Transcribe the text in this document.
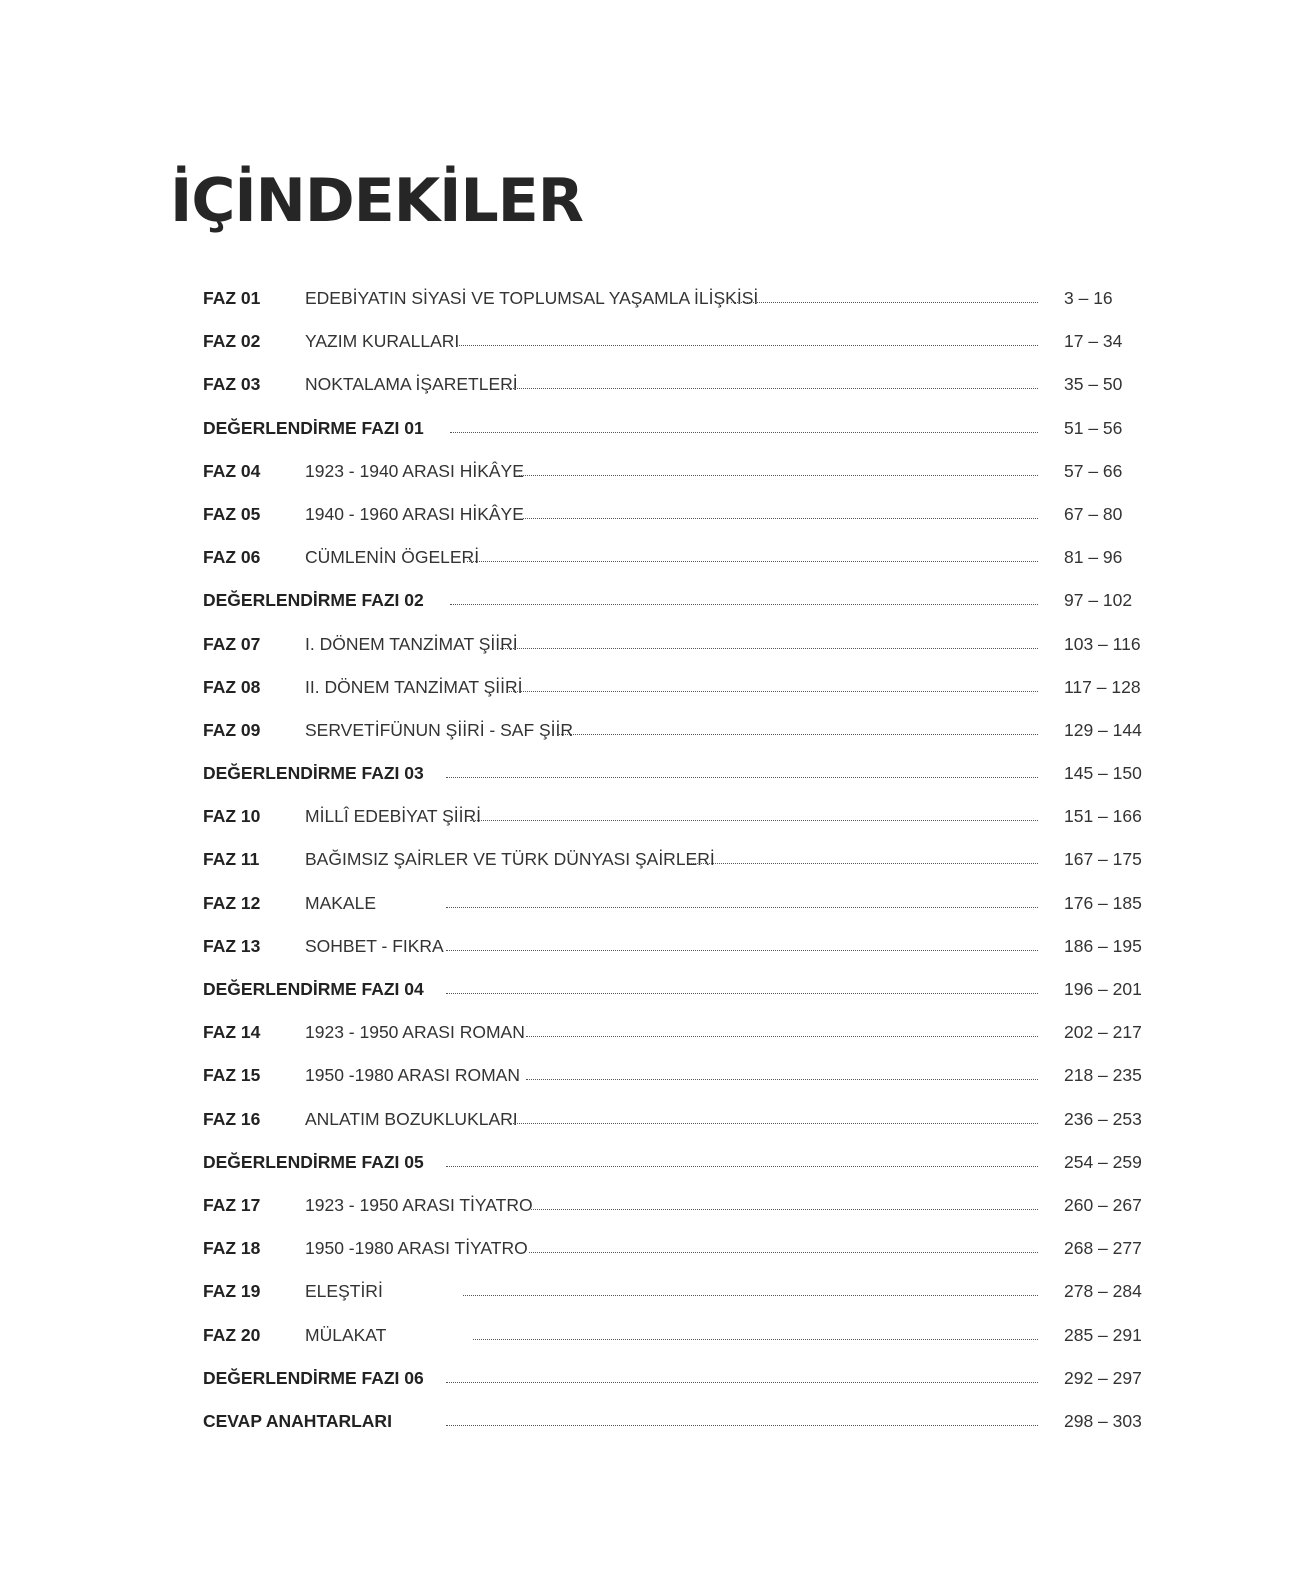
İÇİNDEKİLER
FAZ 01	EDEBİYATIN SİYASİ VE TOPLUMSAL YAŞAMLA İLİŞKİSİ	3 – 16
FAZ 02	YAZIM KURALLARI	17 – 34
FAZ 03	NOKTALAMA İŞARETLERİ	35 – 50
DEĞERLENDİRME FAZI 01	51 – 56
FAZ 04	1923 - 1940 ARASI HİKÂYE	57 – 66
FAZ 05	1940 - 1960 ARASI HİKÂYE	67 – 80
FAZ 06	CÜMLENİN ÖGELERİ	81 – 96
DEĞERLENDİRME FAZI 02	97 – 102
FAZ 07	I. DÖNEM TANZİMAT ŞİİRİ	103 – 116
FAZ 08	II. DÖNEM TANZİMAT ŞİİRİ	117 – 128
FAZ 09	SERVETİFÜNUN ŞİİRİ - SAF ŞİİR	129 – 144
DEĞERLENDİRME FAZI 03	145 – 150
FAZ 10	MİLLÎ EDEBİYAT ŞİİRİ	151 – 166
FAZ 11	BAĞIMSIZ ŞAİRLER VE TÜRK DÜNYASI ŞAİRLERİ	167 – 175
FAZ 12	MAKALE	176 – 185
FAZ 13	SOHBET - FIKRA	186 – 195
DEĞERLENDİRME FAZI 04	196 – 201
FAZ 14	1923 - 1950 ARASI ROMAN	202 – 217
FAZ 15	1950 -1980 ARASI ROMAN	218 – 235
FAZ 16	ANLATIM BOZUKLUKLARI	236 – 253
DEĞERLENDİRME FAZI 05	254 – 259
FAZ 17	1923 - 1950 ARASI TİYATRO	260 – 267
FAZ 18	1950 -1980 ARASI TİYATRO	268 – 277
FAZ 19	ELEŞTİRİ	278 – 284
FAZ 20	MÜLAKAT	285 – 291
DEĞERLENDİRME FAZI 06	292 – 297
CEVAP ANAHTARLARI	298 – 303
